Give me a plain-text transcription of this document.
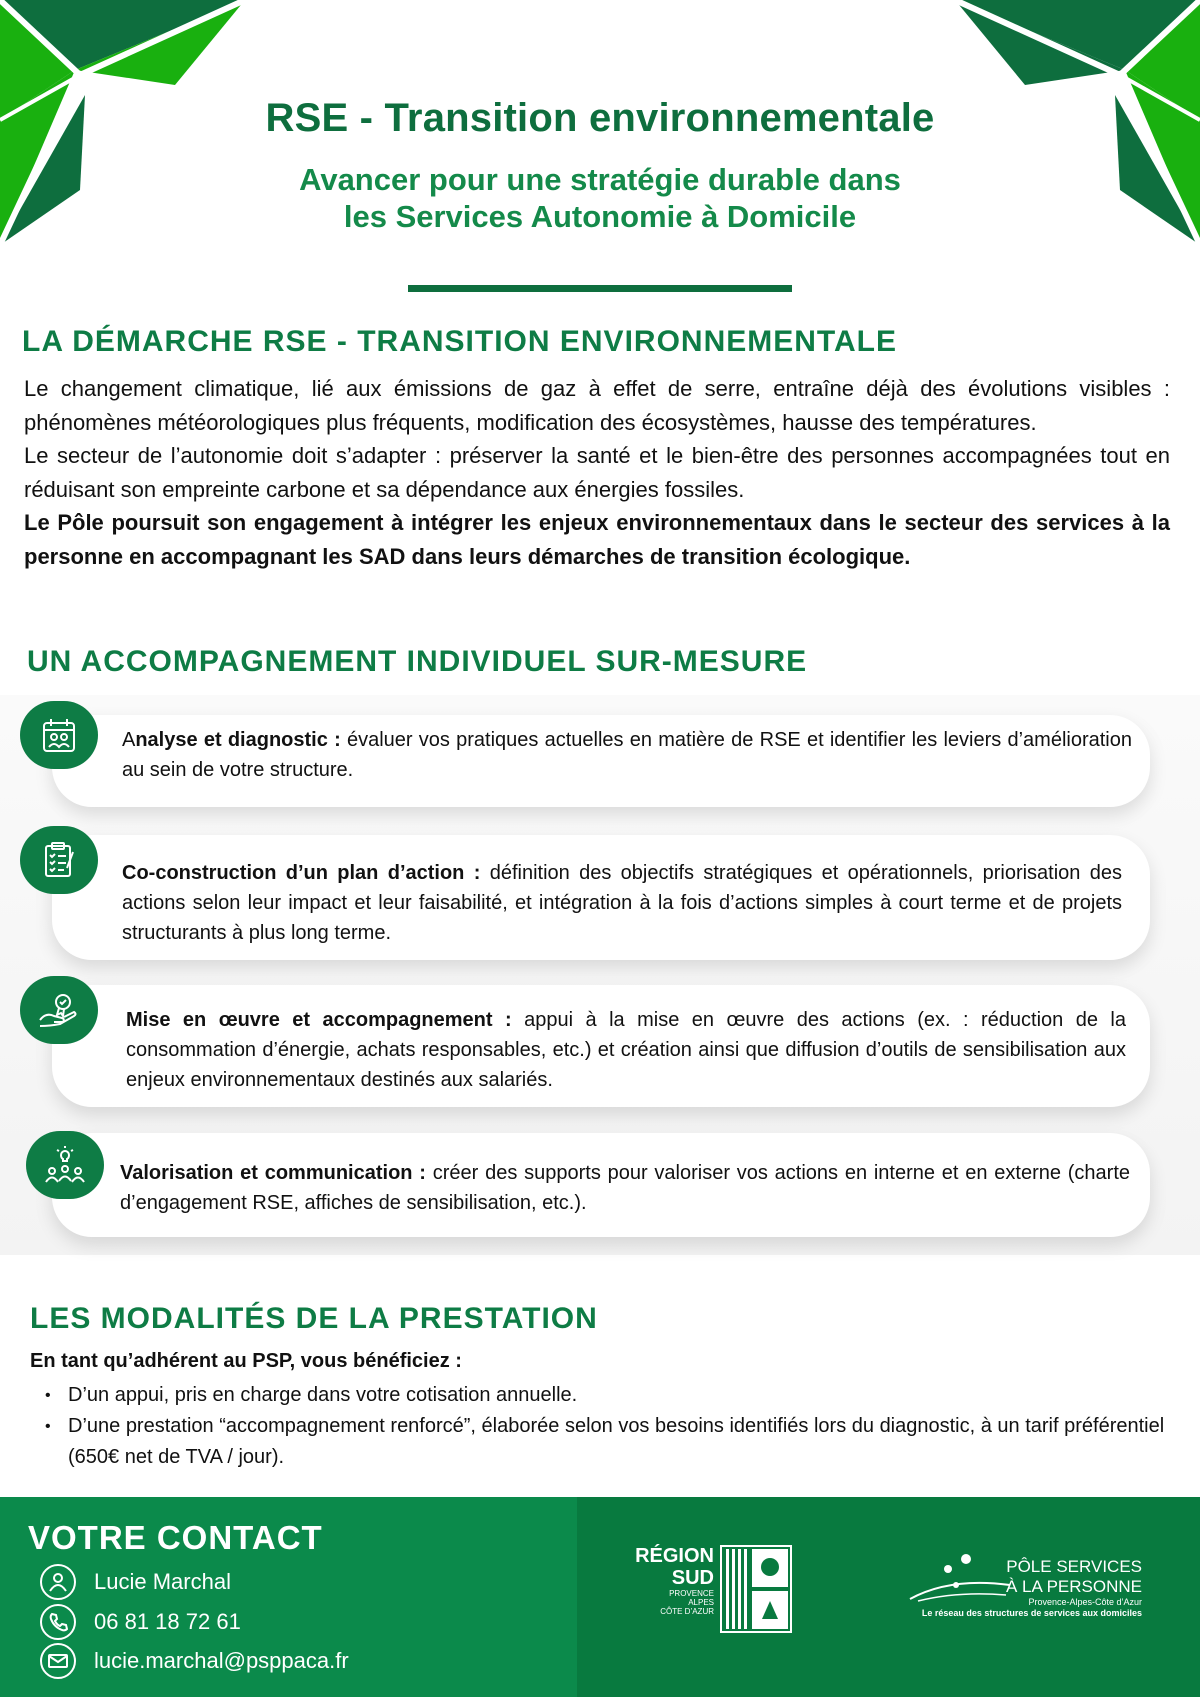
RSE - Transition environnementale
Avancer pour une stratégie durable dans
les Services Autonomie à Domicile
LA DÉMARCHE RSE - TRANSITION ENVIRONNEMENTALE

Le changement climatique, lié aux émissions de gaz à effet de serre, entraîne déjà des évolutions visibles : phénomènes météorologiques plus fréquents, modification des écosystèmes, hausse des températures.

Le secteur de l’autonomie doit s’adapter : préserver la santé et le bien-être des personnes accompagnées tout en réduisant son empreinte carbone et sa dépendance aux énergies fossiles.

Le Pôle poursuit son engagement à intégrer les enjeux environnementaux dans le secteur des services à la personne en accompagnant les SAD dans leurs démarches de transition écologique.

UN ACCOMPAGNEMENT INDIVIDUEL SUR-MESURE
Analyse et diagnostic : évaluer vos pratiques actuelles en matière de RSE et identifier les leviers d’amélioration au sein de votre structure.
Co-construction d’un plan d’action : définition des objectifs stratégiques et opérationnels, priorisation des actions selon leur impact et leur faisabilité, et intégration à la fois d’actions simples à court terme et de projets structurants à plus long terme.
Mise en œuvre et accompagnement : appui à la mise en œuvre des actions (ex. : réduction de la consommation d’énergie, achats responsables, etc.) et création ainsi que diffusion d’outils de sensibilisation aux enjeux environnementaux destinés aux salariés.
Valorisation et communication : créer des supports pour valoriser vos actions en interne et en externe (charte d’engagement RSE, affiches de sensibilisation, etc.).
LES MODALITÉS DE LA PRESTATION
En tant qu’adhérent au PSP, vous bénéficiez :
• D’un appui, pris en charge dans votre cotisation annuelle.
• D’une prestation “accompagnement renforcé”, élaborée selon vos besoins identifiés lors du diagnostic, à un tarif préférentiel (650€ net de TVA / jour).
VOTRE CONTACT
Lucie Marchal
06 81 18 72 61
lucie.marchal@psppaca.fr
RÉGION
SUD
PROVENCE
ALPES
CÔTE D’AZUR
PÔLE SERVICES
À LA PERSONNE
Provence-Alpes-Côte d’Azur
Le réseau des structures de services aux domiciles
